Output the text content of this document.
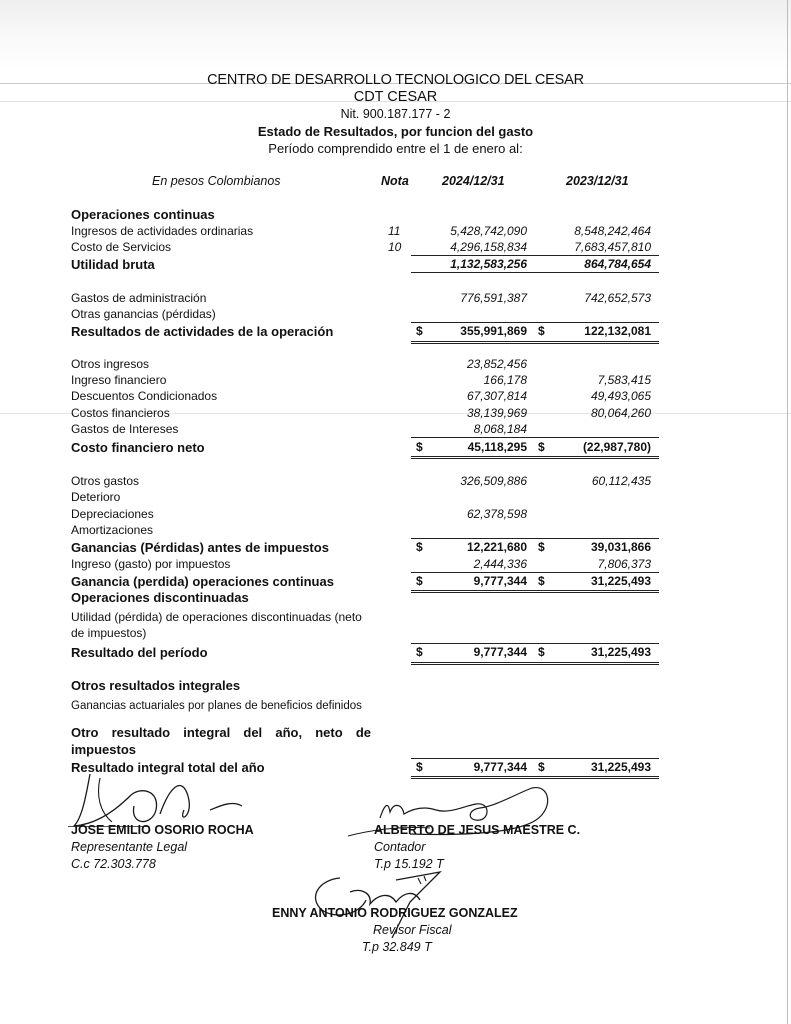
CENTRO DE DESARROLLO TECNOLOGICO DEL CESAR
CDT CESAR
Nit. 900.187.177 - 2
Estado de Resultados, por funcion del gasto
Período comprendido entre el 1 de enero al:
En pesos Colombianos	Nota	2024/12/31	2023/12/31
Operaciones continuas
Ingresos de actividades ordinarias	11	5,428,742,090	8,548,242,464
Costo de Servicios	10	4,296,158,834	7,683,457,810
Utilidad bruta	1,132,583,256	864,784,654
Gastos de administración	776,591,387	742,652,573
Otras ganancias (pérdidas)
Resultados de actividades de la operación	$	355,991,869 $	122,132,081
Otros ingresos	23,852,456
Ingreso financiero	166,178	7,583,415
Descuentos Condicionados	67,307,814	49,493,065
Costos financieros	38,139,969	80,064,260
Gastos de Intereses	8,068,184
Costo financiero neto	$	45,118,295 $	(22,987,780)
Otros gastos	326,509,886	60,112,435
Deterioro
Depreciaciones	62,378,598
Amortizaciones
Ganancias (Pérdidas) antes de impuestos	$	12,221,680 $	39,031,866
Ingreso (gasto) por impuestos	2,444,336	7,806,373
Ganancia (perdida) operaciones continuas	$	9,777,344 $	31,225,493
Operaciones discontinuadas
Utilidad (pérdida) de operaciones discontinuadas (neto de impuestos)
Resultado del período	$	9,777,344 $	31,225,493
Otros resultados integrales
Ganancias actuariales por planes de beneficios definidos
Otro resultado integral del año, neto de impuestos
Resultado integral total del año	$	9,777,344 $	31,225,493
JOSE EMILIO OSORIO ROCHA
Representante Legal
C.c 72.303.778
ALBERTO DE JESUS MAESTRE C.
Contador
T.p 15.192 T
ENNY ANTONIO RODRIGUEZ GONZALEZ
Revisor Fiscal
T.p 32.849 T
